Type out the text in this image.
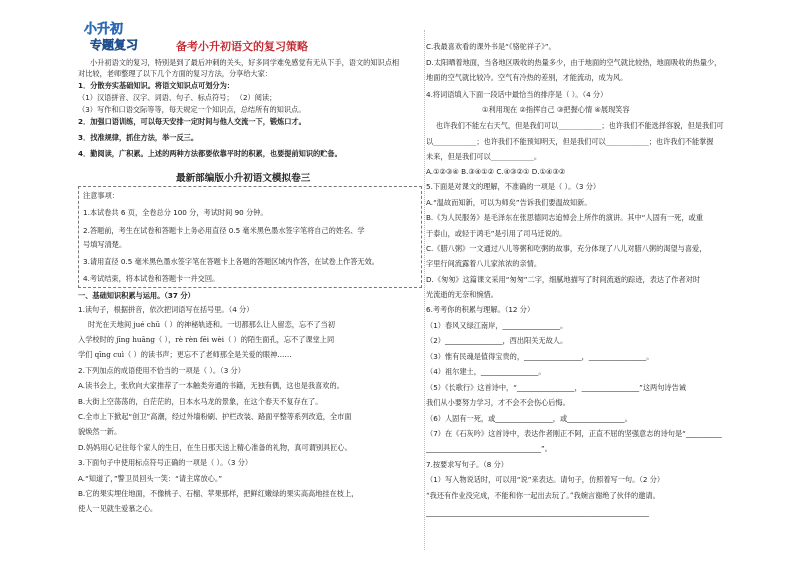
小升初
专题复习	备考小升初语文的复习策略
小升初语文的复习，特别是到了最后冲刺的关头，好多同学难免感觉有无从下手，语文的知识点相
对比较，老师整理了以下几个方面的复习方法，分享给大家：
1．分散夯实基础知识。将语文知识点可划分为：
（1）汉语拼音、汉字、词语、句子、标点符号； （2）阅读；
（3）写作和口语交际等等，每天规定一个知识点，总结所有的知识点。
2．加强口语训练，可以每天安排一定时间与他人交流一下，锻炼口才。
3．找准规律，抓住方法，举一反三。
4．勤阅读，广积累。上述的两种方法都要依靠平时的积累，也要提前知识的贮备。
最新部编版小升初语文模拟卷三
注意事项：
1.本试卷共 6 页，全卷总分 100 分，考试时间 90 分钟。
2.答题前，考生在试卷和答题卡上务必用直径 0.5 毫米黑色墨水签字笔将自己的姓名、学
号填写清楚。
3.请用直径 0.5 毫米黑色墨水签字笔在答题卡上各题的答题区域内作答，在试卷上作答无效。
4.考试结束，将本试卷和答题卡一并交回。
一、基础知识积累与运用。（37 分）
1.读句子，根据拼音，依次把词语写在括号里。（4 分）
时光在天地间 jué chū（ ）的神秘轨迹和。一切都那么让人留恋，忘不了当初
入学校时的 jīng huāng（ ），rè rèn fēi wèi（ ）的陌生面孔，忘不了课堂上同
学们 qīng cuì（ ）的读书声；更忘不了老师那全是关爱的眼神……
2.下列加点的成语使用不恰当的一项是（ ）。（3 分）
A.读书会上，张欣向大家推荐了一本触类旁通的书籍，无独有偶，这也是我喜欢的。
B.大街上空荡荡的，白茫茫的，日本水马龙的景象，在这个春天不复存在了。
C.全市上下掀起“创卫”高潮，经过外墙粉刷、护栏改装、路面平整等系列改造，全市面
貌焕然一新。
D.妈妈用心记住每个家人的生日，在生日那天送上精心准备的礼物，真可谓别具匠心。
3.下面句子中使用标点符号正确的一项是（ ）。（3 分）
A.“知道了，”警卫员回头一笑：“请主席放心。”
B.它的果实埋住地面，不像桃子、石榴、苹果那样，把鲜红嫩绿的果实高高地挂在枝上，
使人一见就生爱慕之心。
C.我最喜欢看的课外书是“《骆驼祥子》”。
D.太阳晒着地面，当各地区吸收的热量多少，由于地面的空气就比较热，地面吸收的热量少，
地面的空气就比较冷。空气有冷热的差别，才能流动，成为风。
4.将词语填入下面一段话中最恰当的排序是（ ）。（4 分）
①利用现在 ②指挥自己 ③把握心情 ④展现笑容
也许我们不能左右天气，但是我们可以____________；也许我们不能选择容貌，但是我们可
以____________；也许我们不能预知明天，但是我们可以____________；也许我们不能掌握
未来，但是我们可以____________。
A.①②③④ B.③④①② C.④③②① D.①④③②
5.下面是对课文的理解，不准确的一项是（ ）。（3 分）
A.“温故而知新，可以为师矣”告诉我们要温故知新。
B.《为人民服务》是毛泽东在张思德同志追悼会上所作的演讲。其中“人固有一死，或重
于泰山，或轻于鸿毛”是引用了司马迁说的。
C.《腊八粥》一文通过八儿等粥和吃粥的故事，充分体现了八儿对腊八粥的渴望与喜爱，
字里行间流露着八儿家浓浓的亲情。
D.《匆匆》这篇课文采用“匆匆”二字，细腻地描写了时间流逝的踪迹，表达了作者对时
光流逝的无奈和惋惜。
6.考考你的积累与理解。（12 分）
（1）春风又绿江南岸，________________。
（2）________________，西出阳关无故人。
（3）惟有民魂是值得宝贵的，________________，________________。
（4）祖尔建土，________________。
（5）《长歌行》这首诗中，“________________，________________”这两句诗告诫
我们从小要努力学习，才不会不会伤心后悔。
（6）人固有一死，或________________，或________________。
（7）在《石灰吟》这首诗中，表达作者刚正不阿，正直不屈的坚强意志的诗句是“__________
________________________________”。
7.按要求写句子。（8 分）
（1）写入物说话时，可以用“说”来表达。请句子，仿照着写一句。（2 分）
“我还有作业没完成，不能和你一起出去玩了。”我婉言谢绝了伙伴的邀请。
______________________________________________________________
